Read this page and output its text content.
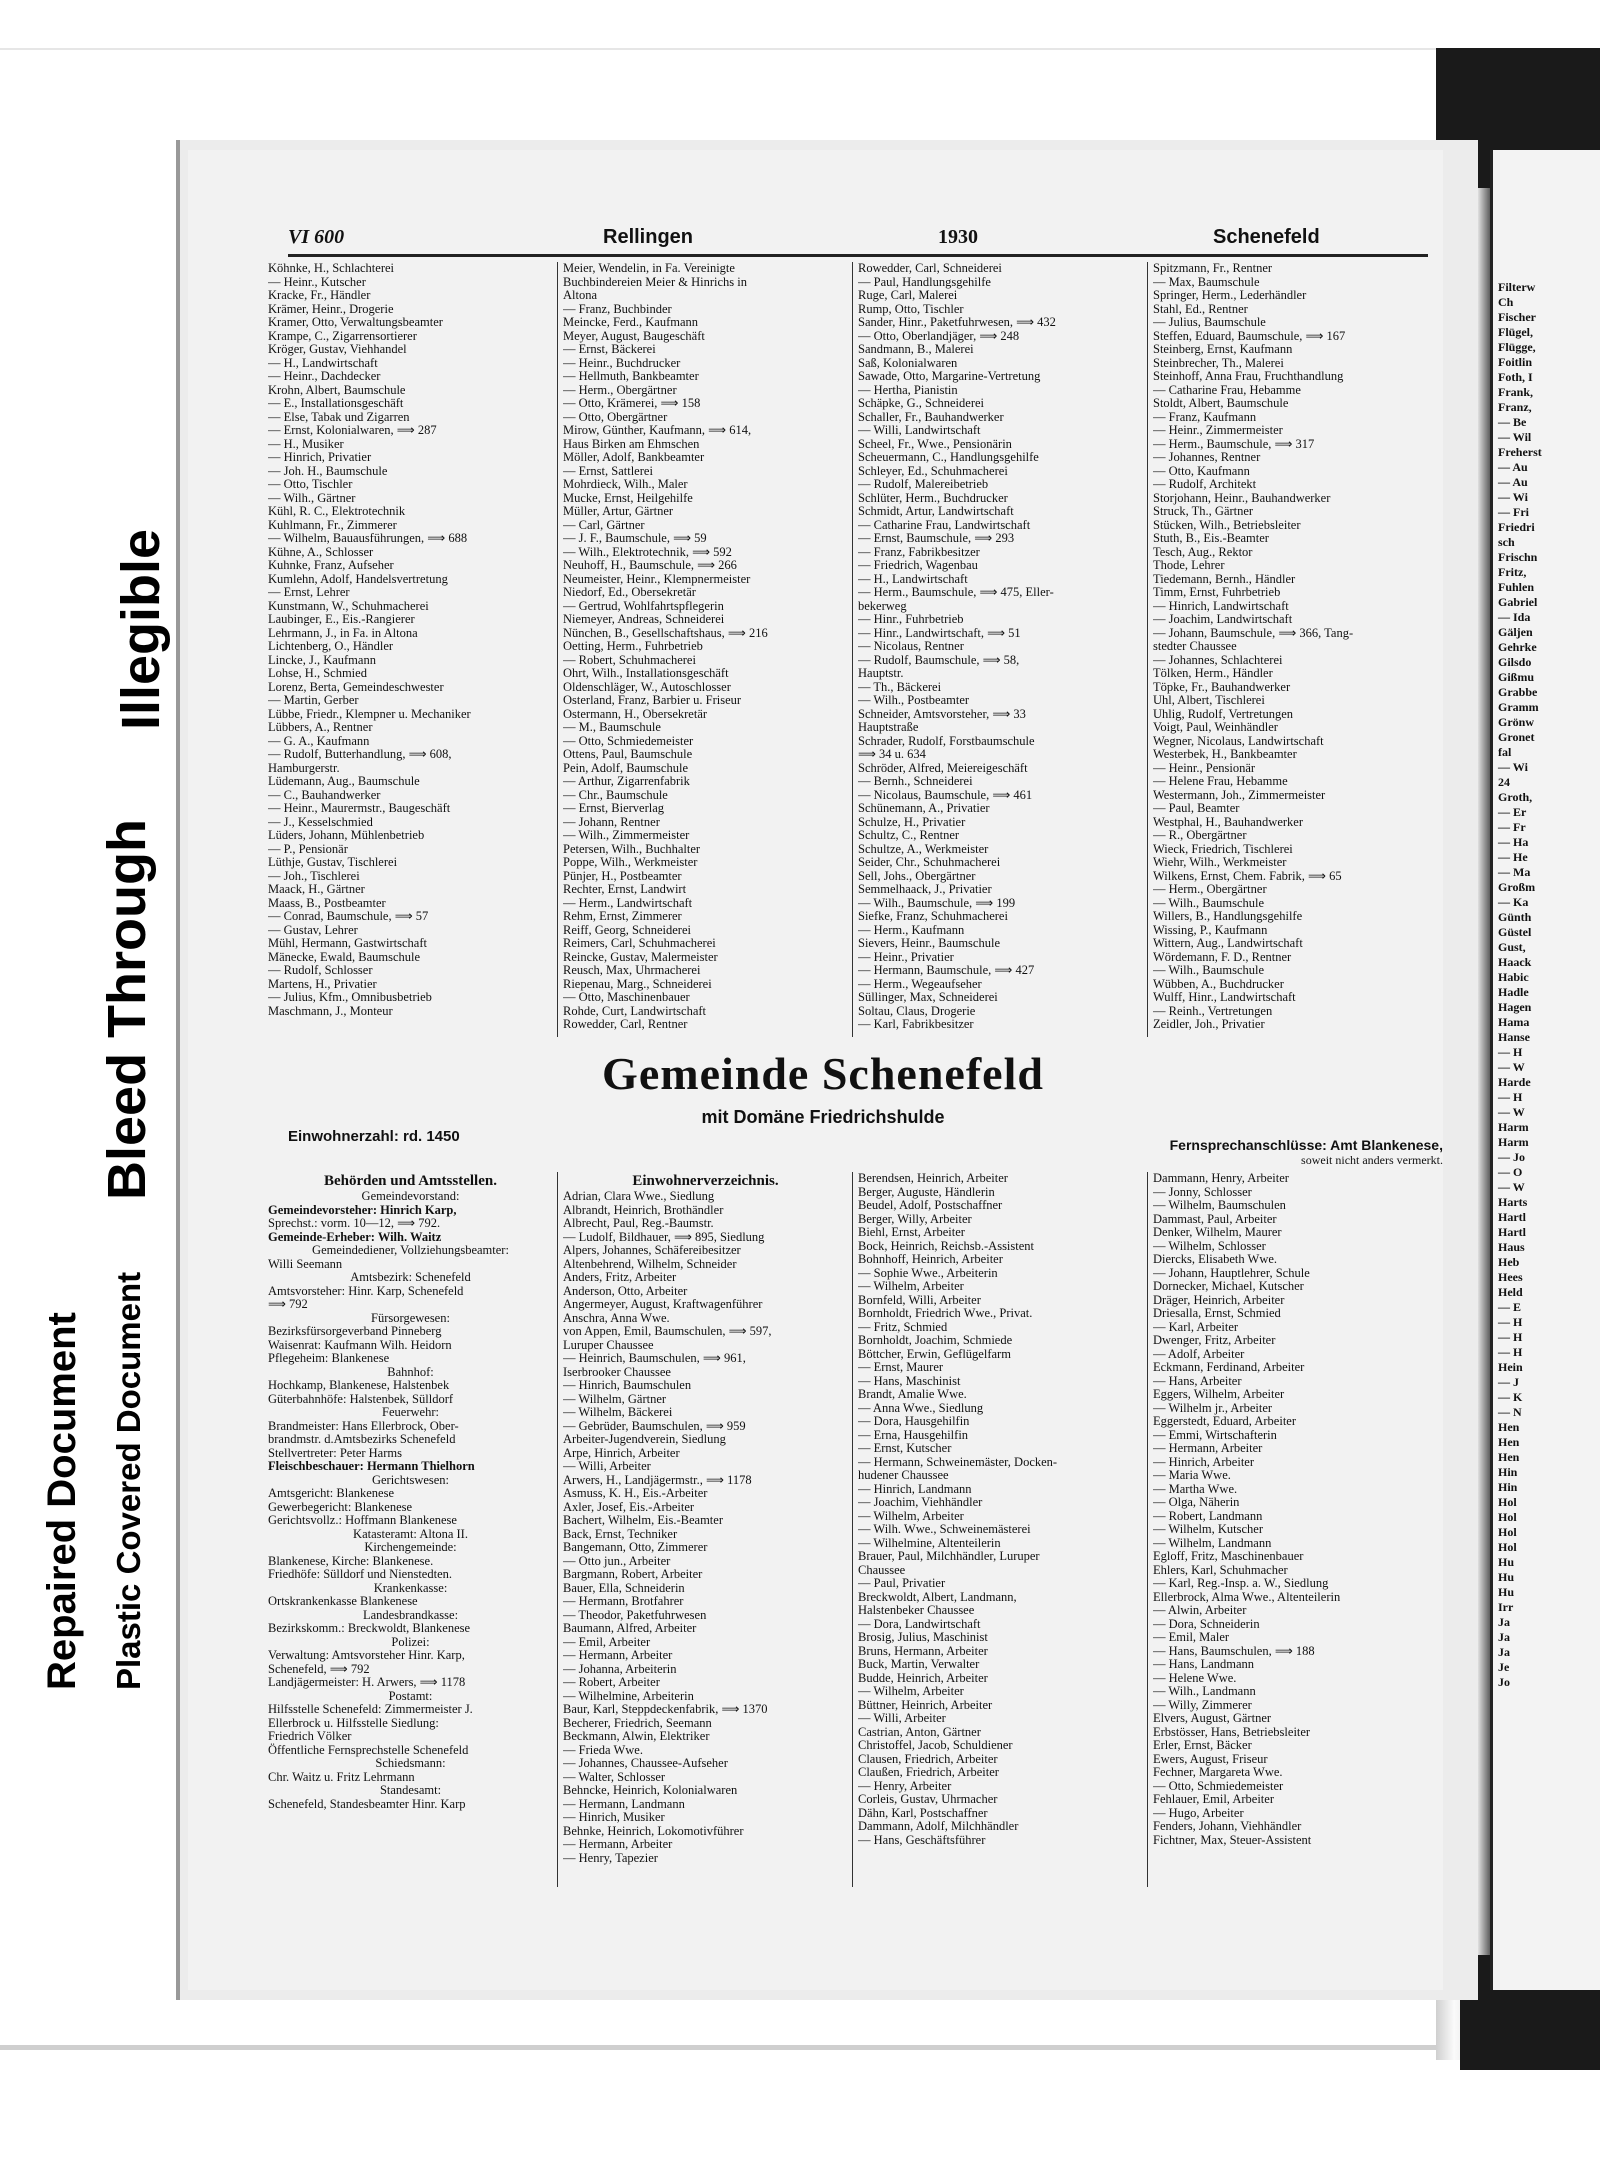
Repaired Document Plastic Covered Document
Bleed Through
Illegible
Filterw
Ch
Fischer
Flügel,
Flügge,
Foitlin
Foth, I
Frank,
Franz,
— Be
— Wil
Freherst
— Au
— Au
— Wi
— Fri
Friedri
sch
Frischn
Fritz,
Fuhlen
Gabriel
— Ida
Gäljen
Gehrke
Gilsdo
Gißmu
Grabbe
Gramm
Grönw
Gronet
fal
— Wi
24
Groth,
— Er
— Fr
— Ha
— He
— Ma
Großm
— Ka
Günth
Güstel
Gust,
Haack
Habic
Hadle
Hagen
Hama
Hanse
— H
— W
Harde
— H
— W
Harm
Harm
— Jo
— O
— W
Harts
Hartl
Hartl
Haus
Heb
Hees
Held
— E
— H
— H
— H
Hein
— J
— K
— N
Hen
Hen
Hen
Hin
Hin
Hol
Hol
Hol
Hol
Hu
Hu
Hu
Irr
Ja
Ja
Ja
Je
Jo
VI 600	Rellingen	1930	Schenefeld
Köhnke, H., Schlachterei
— Heinr., Kutscher
Kracke, Fr., Händler
Krämer, Heinr., Drogerie
Kramer, Otto, Verwaltungsbeamter
Krampe, C., Zigarrensortierer
Kröger, Gustav, Viehhandel
— H., Landwirtschaft
— Heinr., Dachdecker
Krohn, Albert, Baumschule
— E., Installationsgeschäft
— Else, Tabak und Zigarren
— Ernst, Kolonialwaren, ⟹ 287
— H., Musiker
— Hinrich, Privatier
— Joh. H., Baumschule
— Otto, Tischler
— Wilh., Gärtner
Kühl, R. C., Elektrotechnik
Kuhlmann, Fr., Zimmerer
— Wilhelm, Bauausführungen, ⟹ 688
Kühne, A., Schlosser
Kuhnke, Franz, Aufseher
Kumlehn, Adolf, Handelsvertretung
— Ernst, Lehrer
Kunstmann, W., Schuhmacherei
Laubinger, E., Eis.-Rangierer
Lehrmann, J., in Fa. in Altona
Lichtenberg, O., Händler
Lincke, J., Kaufmann
Lohse, H., Schmied
Lorenz, Berta, Gemeindeschwester
— Martin, Gerber
Lübbe, Friedr., Klempner u. Mechaniker
Lübbers, A., Rentner
— G. A., Kaufmann
— Rudolf, Butterhandlung, ⟹ 608,
Hamburgerstr.
Lüdemann, Aug., Baumschule
— C., Bauhandwerker
— Heinr., Maurermstr., Baugeschäft
— J., Kesselschmied
Lüders, Johann, Mühlenbetrieb
— P., Pensionär
Lüthje, Gustav, Tischlerei
— Joh., Tischlerei
Maack, H., Gärtner
Maass, B., Postbeamter
— Conrad, Baumschule, ⟹ 57
— Gustav, Lehrer
Mühl, Hermann, Gastwirtschaft
Mänecke, Ewald, Baumschule
— Rudolf, Schlosser
Martens, H., Privatier
— Julius, Kfm., Omnibusbetrieb
Maschmann, J., Monteur
Meier, Wendelin, in Fa. Vereinigte
Buchbindereien Meier & Hinrichs in
Altona
— Franz, Buchbinder
Meincke, Ferd., Kaufmann
Meyer, August, Baugeschäft
— Ernst, Bäckerei
— Heinr., Buchdrucker
— Hellmuth, Bankbeamter
— Herm., Obergärtner
— Otto, Krämerei, ⟹ 158
— Otto, Obergärtner
Mirow, Günther, Kaufmann, ⟹ 614,
Haus Birken am Ehmschen
Möller, Adolf, Bankbeamter
— Ernst, Sattlerei
Mohrdieck, Wilh., Maler
Mucke, Ernst, Heilgehilfe
Müller, Artur, Gärtner
— Carl, Gärtner
— J. F., Baumschule, ⟹ 59
— Wilh., Elektrotechnik, ⟹ 592
Neuhoff, H., Baumschule, ⟹ 266
Neumeister, Heinr., Klempnermeister
Niedorf, Ed., Obersekretär
— Gertrud, Wohlfahrtspflegerin
Niemeyer, Andreas, Schneiderei
Nünchen, B., Gesellschaftshaus, ⟹ 216
Oetting, Herm., Fuhrbetrieb
— Robert, Schuhmacherei
Ohrt, Wilh., Installationsgeschäft
Oldenschläger, W., Autoschlosser
Osterland, Franz, Barbier u. Friseur
Ostermann, H., Obersekretär
— M., Baumschule
— Otto, Schmiedemeister
Ottens, Paul, Baumschule
Pein, Adolf, Baumschule
— Arthur, Zigarrenfabrik
— Chr., Baumschule
— Ernst, Bierverlag
— Johann, Rentner
— Wilh., Zimmermeister
Petersen, Wilh., Buchhalter
Poppe, Wilh., Werkmeister
Pünjer, H., Postbeamter
Rechter, Ernst, Landwirt
— Herm., Landwirtschaft
Rehm, Ernst, Zimmerer
Reiff, Georg, Schneiderei
Reimers, Carl, Schuhmacherei
Reincke, Gustav, Malermeister
Reusch, Max, Uhrmacherei
Riepenau, Marg., Schneiderei
— Otto, Maschinenbauer
Rohde, Curt, Landwirtschaft
Rowedder, Carl, Rentner
Rowedder, Carl, Schneiderei
— Paul, Handlungsgehilfe
Ruge, Carl, Malerei
Rump, Otto, Tischler
Sander, Hinr., Paketfuhrwesen, ⟹ 432
— Otto, Oberlandjäger, ⟹ 248
Sandmann, B., Malerei
Saß, Kolonialwaren
Sawade, Otto, Margarine-Vertretung
— Hertha, Pianistin
Schäpke, G., Schneiderei
Schaller, Fr., Bauhandwerker
— Willi, Landwirtschaft
Scheel, Fr., Wwe., Pensionärin
Scheuermann, C., Handlungsgehilfe
Schleyer, Ed., Schuhmacherei
— Rudolf, Malereibetrieb
Schlüter, Herm., Buchdrucker
Schmidt, Artur, Landwirtschaft
— Catharine Frau, Landwirtschaft
— Ernst, Baumschule, ⟹ 293
— Franz, Fabrikbesitzer
— Friedrich, Wagenbau
— H., Landwirtschaft
— Herm., Baumschule, ⟹ 475, Eller-
bekerweg
— Hinr., Fuhrbetrieb
— Hinr., Landwirtschaft, ⟹ 51
— Nicolaus, Rentner
— Rudolf, Baumschule, ⟹ 58,
Hauptstr.
— Th., Bäckerei
— Wilh., Postbeamter
Schneider, Amtsvorsteher, ⟹ 33
Hauptstraße
Schrader, Rudolf, Forstbaumschule
⟹ 34 u. 634
Schröder, Alfred, Meiereigeschäft
— Bernh., Schneiderei
— Nicolaus, Baumschule, ⟹ 461
Schünemann, A., Privatier
Schulze, H., Privatier
Schultz, C., Rentner
Schultze, A., Werkmeister
Seider, Chr., Schuhmacherei
Sell, Johs., Obergärtner
Semmelhaack, J., Privatier
— Wilh., Baumschule, ⟹ 199
Siefke, Franz, Schuhmacherei
— Herm., Kaufmann
Sievers, Heinr., Baumschule
— Heinr., Privatier
— Hermann, Baumschule, ⟹ 427
— Herm., Wegeaufseher
Süllinger, Max, Schneiderei
Soltau, Claus, Drogerie
— Karl, Fabrikbesitzer
Spitzmann, Fr., Rentner
— Max, Baumschule
Springer, Herm., Lederhändler
Stahl, Ed., Rentner
— Julius, Baumschule
Steffen, Eduard, Baumschule, ⟹ 167
Steinberg, Ernst, Kaufmann
Steinbrecher, Th., Malerei
Steinhoff, Anna Frau, Fruchthandlung
— Catharine Frau, Hebamme
Stoldt, Albert, Baumschule
— Franz, Kaufmann
— Heinr., Zimmermeister
— Herm., Baumschule, ⟹ 317
— Johannes, Rentner
— Otto, Kaufmann
— Rudolf, Architekt
Storjohann, Heinr., Bauhandwerker
Struck, Th., Gärtner
Stücken, Wilh., Betriebsleiter
Stuth, B., Eis.-Beamter
Tesch, Aug., Rektor
Thode, Lehrer
Tiedemann, Bernh., Händler
Timm, Ernst, Fuhrbetrieb
— Hinrich, Landwirtschaft
— Joachim, Landwirtschaft
— Johann, Baumschule, ⟹ 366, Tang-
stedter Chaussee
— Johannes, Schlachterei
Tölken, Herm., Händler
Töpke, Fr., Bauhandwerker
Uhl, Albert, Tischlerei
Uhlig, Rudolf, Vertretungen
Voigt, Paul, Weinhändler
Wegner, Nicolaus, Landwirtschaft
Westerbek, H., Bankbeamter
— Heinr., Pensionär
— Helene Frau, Hebamme
Westermann, Joh., Zimmermeister
— Paul, Beamter
Westphal, H., Bauhandwerker
— R., Obergärtner
Wieck, Friedrich, Tischlerei
Wiehr, Wilh., Werkmeister
Wilkens, Ernst, Chem. Fabrik, ⟹ 65
— Herm., Obergärtner
— Wilh., Baumschule
Willers, B., Handlungsgehilfe
Wissing, P., Kaufmann
Wittern, Aug., Landwirtschaft
Wördemann, F. D., Rentner
— Wilh., Baumschule
Wübben, A., Buchdrucker
Wulff, Hinr., Landwirtschaft
— Reinh., Vertretungen
Zeidler, Joh., Privatier
Gemeinde Schenefeld
mit Domäne Friedrichshulde
Einwohnerzahl: rd. 1450	Fernsprechanschlüsse: Amt Blankenese,
soweit nicht anders vermerkt.
Behörden und Amtsstellen.
Gemeindevorstand:
Gemeindevorsteher: Hinrich Karp,
Sprechst.: vorm. 10—12, ⟹ 792.
Gemeinde-Erheber: Wilh. Waitz
Gemeindediener, Vollziehungsbeamter:
Willi Seemann
Amtsbezirk: Schenefeld
Amtsvorsteher: Hinr. Karp, Schenefeld
⟹ 792
Fürsorgewesen:
Bezirksfürsorgeverband Pinneberg
Waisenrat: Kaufmann Wilh. Heidorn
Pflegeheim: Blankenese
Bahnhof:
Hochkamp, Blankenese, Halstenbek
Güterbahnhöfe: Halstenbek, Sülldorf
Feuerwehr:
Brandmeister: Hans Ellerbrock, Ober-
brandmstr. d.Amtsbezirks Schenefeld
Stellvertreter: Peter Harms
Fleischbeschauer: Hermann Thielhorn
Gerichtswesen:
Amtsgericht: Blankenese
Gewerbegericht: Blankenese
Gerichtsvollz.: Hoffmann Blankenese
Katasteramt: Altona II.
Kirchengemeinde:
Blankenese, Kirche: Blankenese.
Friedhöfe: Sülldorf und Nienstedten.
Krankenkasse:
Ortskrankenkasse Blankenese
Landesbrandkasse:
Bezirkskomm.: Breckwoldt, Blankenese
Polizei:
Verwaltung: Amtsvorsteher Hinr. Karp,
Schenefeld, ⟹ 792
Landjägermeister: H. Arwers, ⟹ 1178
Postamt:
Hilfsstelle Schenefeld: Zimmermeister J.
Ellerbrock u. Hilfsstelle Siedlung:
Friedrich Völker
Öffentliche Fernsprechstelle Schenefeld
Schiedsmann:
Chr. Waitz u. Fritz Lehrmann
Standesamt:
Schenefeld, Standesbeamter Hinr. Karp
Einwohnerverzeichnis.
Adrian, Clara Wwe., Siedlung
Albrandt, Heinrich, Brothändler
Albrecht, Paul, Reg.-Baumstr.
— Ludolf, Bildhauer, ⟹ 895, Siedlung
Alpers, Johannes, Schäfereibesitzer
Altenbehrend, Wilhelm, Schneider
Anders, Fritz, Arbeiter
Anderson, Otto, Arbeiter
Angermeyer, August, Kraftwagenführer
Anschra, Anna Wwe.
von Appen, Emil, Baumschulen, ⟹ 597,
Luruper Chaussee
— Heinrich, Baumschulen, ⟹ 961,
Iserbrooker Chaussee
— Hinrich, Baumschulen
— Wilhelm, Gärtner
— Wilhelm, Bäckerei
— Gebrüder, Baumschulen, ⟹ 959
Arbeiter-Jugendverein, Siedlung
Arpe, Hinrich, Arbeiter
— Willi, Arbeiter
Arwers, H., Landjägermstr., ⟹ 1178
Asmuss, K. H., Eis.-Arbeiter
Axler, Josef, Eis.-Arbeiter
Bachert, Wilhelm, Eis.-Beamter
Back, Ernst, Techniker
Bangemann, Otto, Zimmerer
— Otto jun., Arbeiter
Bargmann, Robert, Arbeiter
Bauer, Ella, Schneiderin
— Hermann, Brotfahrer
— Theodor, Paketfuhrwesen
Baumann, Alfred, Arbeiter
— Emil, Arbeiter
— Hermann, Arbeiter
— Johanna, Arbeiterin
— Robert, Arbeiter
— Wilhelmine, Arbeiterin
Baur, Karl, Steppdeckenfabrik, ⟹ 1370
Becherer, Friedrich, Seemann
Beckmann, Alwin, Elektriker
— Frieda Wwe.
— Johannes, Chaussee-Aufseher
— Walter, Schlosser
Behncke, Heinrich, Kolonialwaren
— Hermann, Landmann
— Hinrich, Musiker
Behnke, Heinrich, Lokomotivführer
— Hermann, Arbeiter
— Henry, Tapezier
Berendsen, Heinrich, Arbeiter
Berger, Auguste, Händlerin
Beudel, Adolf, Postschaffner
Berger, Willy, Arbeiter
Biehl, Ernst, Arbeiter
Bock, Heinrich, Reichsb.-Assistent
Bohnhoff, Heinrich, Arbeiter
— Sophie Wwe., Arbeiterin
— Wilhelm, Arbeiter
Bornfeld, Willi, Arbeiter
Bornholdt, Friedrich Wwe., Privat.
— Fritz, Schmied
Bornholdt, Joachim, Schmiede
Böttcher, Erwin, Geflügelfarm
— Ernst, Maurer
— Hans, Maschinist
Brandt, Amalie Wwe.
— Anna Wwe., Siedlung
— Dora, Hausgehilfin
— Erna, Hausgehilfin
— Ernst, Kutscher
— Hermann, Schweinemäster, Docken-
hudener Chaussee
— Hinrich, Landmann
— Joachim, Viehhändler
— Wilhelm, Arbeiter
— Wilh. Wwe., Schweinemästerei
— Wilhelmine, Altenteilerin
Brauer, Paul, Milchhändler, Luruper
Chaussee
— Paul, Privatier
Breckwoldt, Albert, Landmann,
Halstenbeker Chaussee
— Dora, Landwirtschaft
Brosig, Julius, Maschinist
Bruns, Hermann, Arbeiter
Buck, Martin, Verwalter
Budde, Heinrich, Arbeiter
— Wilhelm, Arbeiter
Büttner, Heinrich, Arbeiter
— Willi, Arbeiter
Castrian, Anton, Gärtner
Christoffel, Jacob, Schuldiener
Clausen, Friedrich, Arbeiter
Claußen, Friedrich, Arbeiter
— Henry, Arbeiter
Corleis, Gustav, Uhrmacher
Dähn, Karl, Postschaffner
Dammann, Adolf, Milchhändler
— Hans, Geschäftsführer
Dammann, Henry, Arbeiter
— Jonny, Schlosser
— Wilhelm, Baumschulen
Dammast, Paul, Arbeiter
Denker, Wilhelm, Maurer
— Wilhelm, Schlosser
Diercks, Elisabeth Wwe.
— Johann, Hauptlehrer, Schule
Dornecker, Michael, Kutscher
Dräger, Heinrich, Arbeiter
Driesalla, Ernst, Schmied
— Karl, Arbeiter
Dwenger, Fritz, Arbeiter
— Adolf, Arbeiter
Eckmann, Ferdinand, Arbeiter
— Hans, Arbeiter
Eggers, Wilhelm, Arbeiter
— Wilhelm jr., Arbeiter
Eggerstedt, Eduard, Arbeiter
— Emmi, Wirtschafterin
— Hermann, Arbeiter
— Hinrich, Arbeiter
— Maria Wwe.
— Martha Wwe.
— Olga, Näherin
— Robert, Landmann
— Wilhelm, Kutscher
— Wilhelm, Landmann
Egloff, Fritz, Maschinenbauer
Ehlers, Karl, Schuhmacher
— Karl, Reg.-Insp. a. W., Siedlung
Ellerbrock, Alma Wwe., Altenteilerin
— Alwin, Arbeiter
— Dora, Schneiderin
— Emil, Maler
— Hans, Baumschulen, ⟹ 188
— Hans, Landmann
— Helene Wwe.
— Wilh., Landmann
— Willy, Zimmerer
Elvers, August, Gärtner
Erbstösser, Hans, Betriebsleiter
Erler, Ernst, Bäcker
Ewers, August, Friseur
Fechner, Margareta Wwe.
— Otto, Schmiedemeister
Fehlauer, Emil, Arbeiter
— Hugo, Arbeiter
Fenders, Johann, Viehhändler
Fichtner, Max, Steuer-Assistent
